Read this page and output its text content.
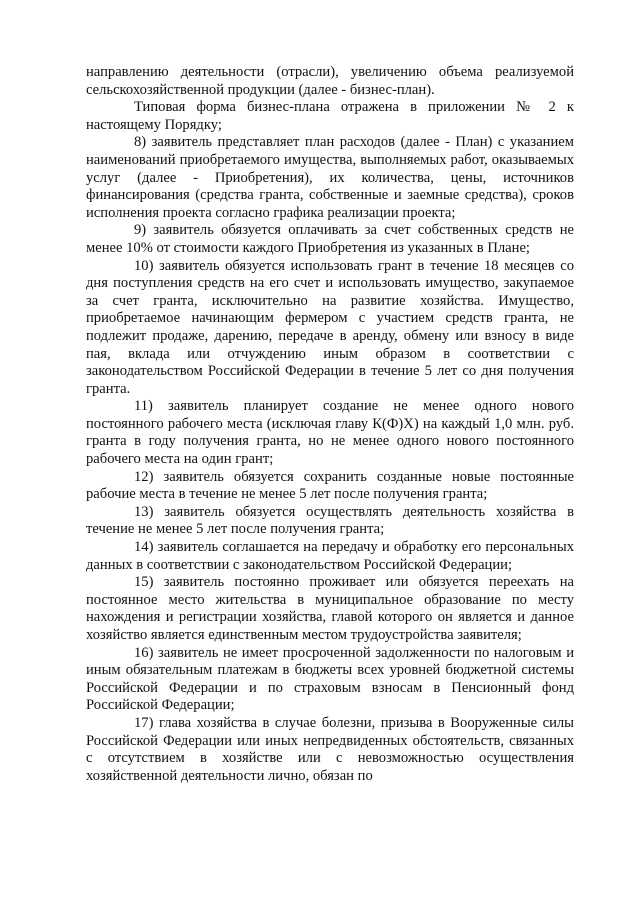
направлению деятельности (отрасли), увеличению объема реализуемой сельскохозяйственной продукции (далее - бизнес-план).

Типовая форма бизнес-плана отражена в приложении № 2 к настоящему Порядку;

8) заявитель представляет план расходов (далее - План) с указанием наименований приобретаемого имущества, выполняемых работ, оказываемых услуг (далее - Приобретения), их количества, цены, источников финансирования (средства гранта, собственные и заемные средства), сроков исполнения проекта согласно графика реализации проекта;

9) заявитель обязуется оплачивать за счет собственных средств не менее 10% от стоимости каждого Приобретения из указанных в Плане;

10) заявитель обязуется использовать грант в течение 18 месяцев со дня поступления средств на его счет и использовать имущество, закупаемое за счет гранта, исключительно на развитие хозяйства. Имущество, приобретаемое начинающим фермером с участием средств гранта, не подлежит продаже, дарению, передаче в аренду, обмену или взносу в виде пая, вклада или отчуждению иным образом в соответствии с законодательством Российской Федерации в течение 5 лет со дня получения гранта.

11) заявитель планирует создание не менее одного нового постоянного рабочего места (исключая главу К(Ф)Х) на каждый 1,0 млн. руб. гранта в году получения гранта, но не менее одного нового постоянного рабочего места на один грант;

12) заявитель обязуется сохранить созданные новые постоянные рабочие места в течение не менее 5 лет после получения гранта;

13) заявитель обязуется осуществлять деятельность хозяйства в течение не менее 5 лет после получения гранта;

14) заявитель соглашается на передачу и обработку его персональных данных в соответствии с законодательством Российской Федерации;

15) заявитель постоянно проживает или обязуется переехать на постоянное место жительства в муниципальное образование по месту нахождения и регистрации хозяйства, главой которого он является и данное хозяйство является единственным местом трудоустройства заявителя;

16) заявитель не имеет просроченной задолженности по налоговым и иным обязательным платежам в бюджеты всех уровней бюджетной системы Российской Федерации и по страховым взносам в Пенсионный фонд Российской Федерации;

17) глава хозяйства в случае болезни, призыва в Вооруженные силы Российской Федерации или иных непредвиденных обстоятельств, связанных с отсутствием в хозяйстве или с невозможностью осуществления хозяйственной деятельности лично, обязан по
